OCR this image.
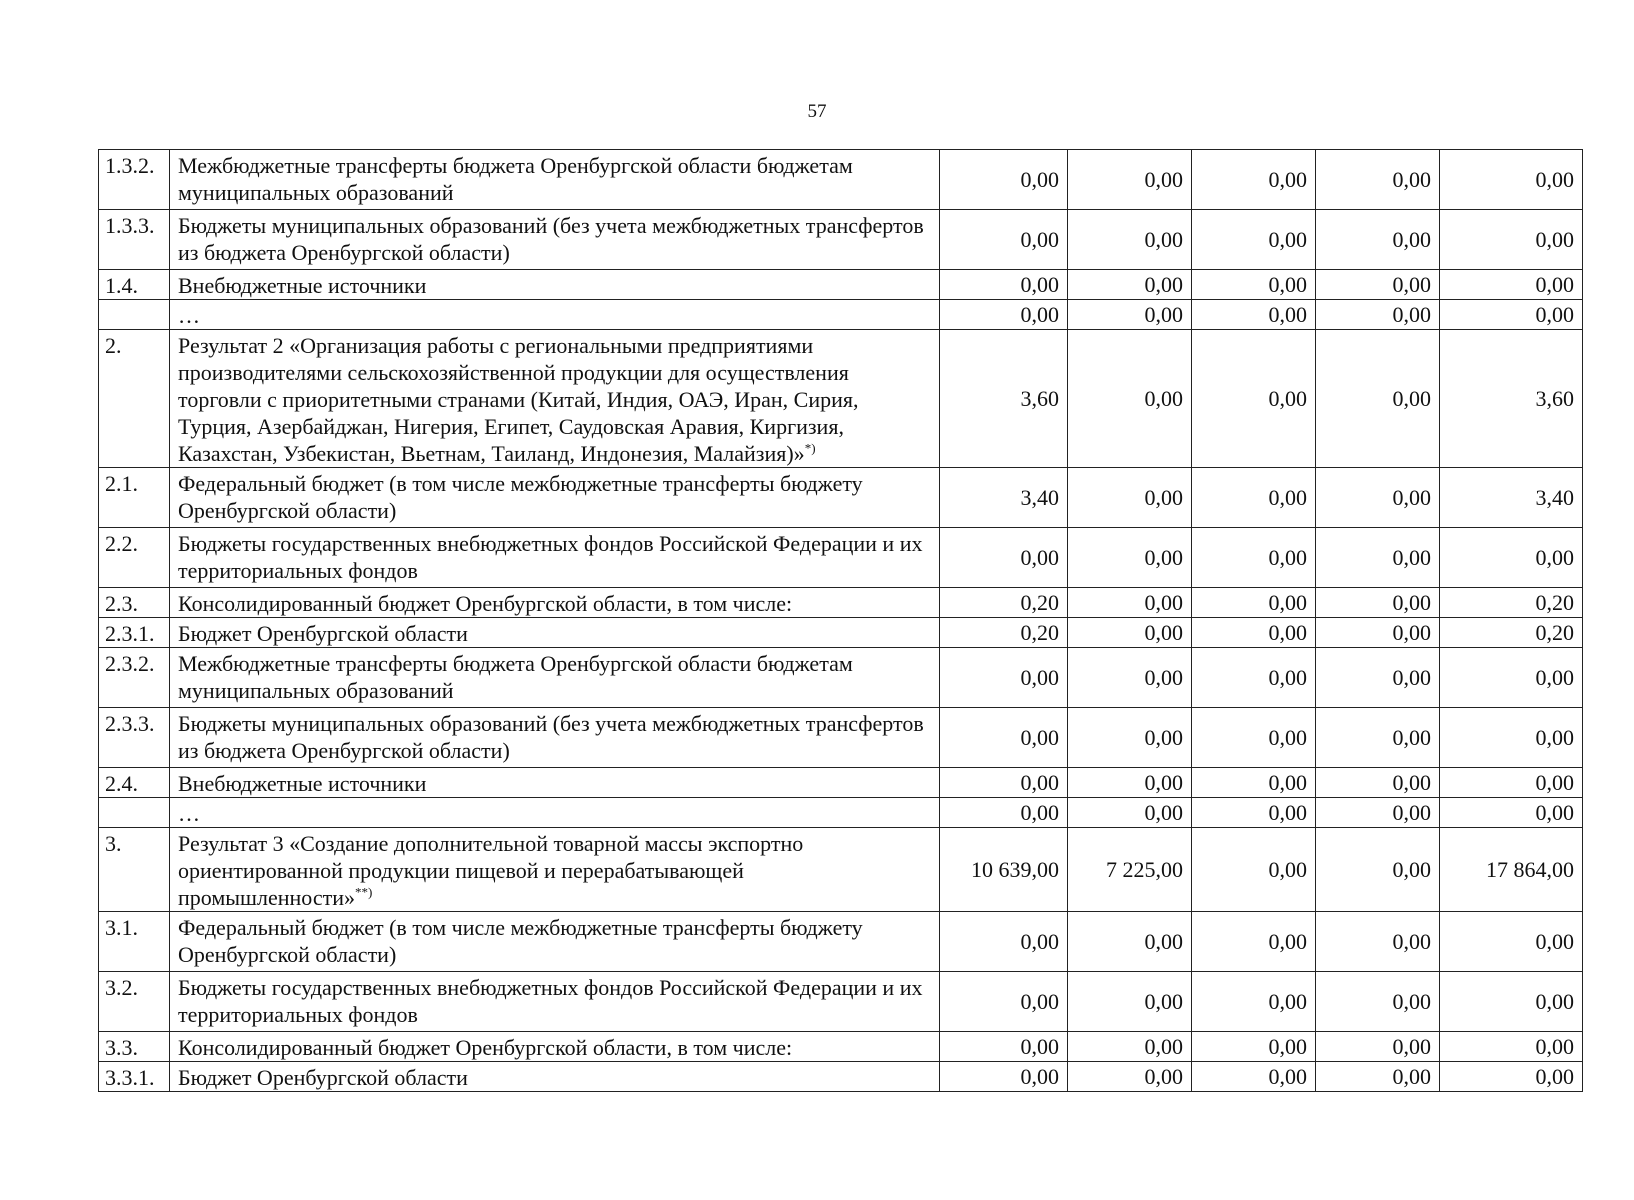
57
1.3.2.	Межбюджетные трансферты бюджета Оренбургской области бюджетам муниципальных образований	0,00	0,00	0,00	0,00	0,00
1.3.3.	Бюджеты муниципальных образований (без учета межбюджетных трансфертов из бюджета Оренбургской области)	0,00	0,00	0,00	0,00	0,00
1.4.	Внебюджетные источники	0,00	0,00	0,00	0,00	0,00
	…	0,00	0,00	0,00	0,00	0,00
2.	Результат 2 «Организация работы с региональными предприятиями производителями сельскохозяйственной продукции для осуществления торговли с приоритетными странами (Китай, Индия, ОАЭ, Иран, Сирия, Турция, Азербайджан, Нигерия, Египет, Саудовская Аравия, Киргизия, Казахстан, Узбекистан, Вьетнам, Таиланд, Индонезия, Малайзия)»*)	3,60	0,00	0,00	0,00	3,60
2.1.	Федеральный бюджет (в том числе межбюджетные трансферты бюджету Оренбургской области)	3,40	0,00	0,00	0,00	3,40
2.2.	Бюджеты государственных внебюджетных фондов Российской Федерации и их территориальных фондов	0,00	0,00	0,00	0,00	0,00
2.3.	Консолидированный бюджет Оренбургской области, в том числе:	0,20	0,00	0,00	0,00	0,20
2.3.1.	Бюджет Оренбургской области	0,20	0,00	0,00	0,00	0,20
2.3.2.	Межбюджетные трансферты бюджета Оренбургской области бюджетам муниципальных образований	0,00	0,00	0,00	0,00	0,00
2.3.3.	Бюджеты муниципальных образований (без учета межбюджетных трансфертов из бюджета Оренбургской области)	0,00	0,00	0,00	0,00	0,00
2.4.	Внебюджетные источники	0,00	0,00	0,00	0,00	0,00
	…	0,00	0,00	0,00	0,00	0,00
3.	Результат 3 «Создание дополнительной товарной массы экспортно ориентированной продукции пищевой и перерабатывающей промышленности»**)	10 639,00	7 225,00	0,00	0,00	17 864,00
3.1.	Федеральный бюджет (в том числе межбюджетные трансферты бюджету Оренбургской области)	0,00	0,00	0,00	0,00	0,00
3.2.	Бюджеты государственных внебюджетных фондов Российской Федерации и их территориальных фондов	0,00	0,00	0,00	0,00	0,00
3.3.	Консолидированный бюджет Оренбургской области, в том числе:	0,00	0,00	0,00	0,00	0,00
3.3.1.	Бюджет Оренбургской области	0,00	0,00	0,00	0,00	0,00
